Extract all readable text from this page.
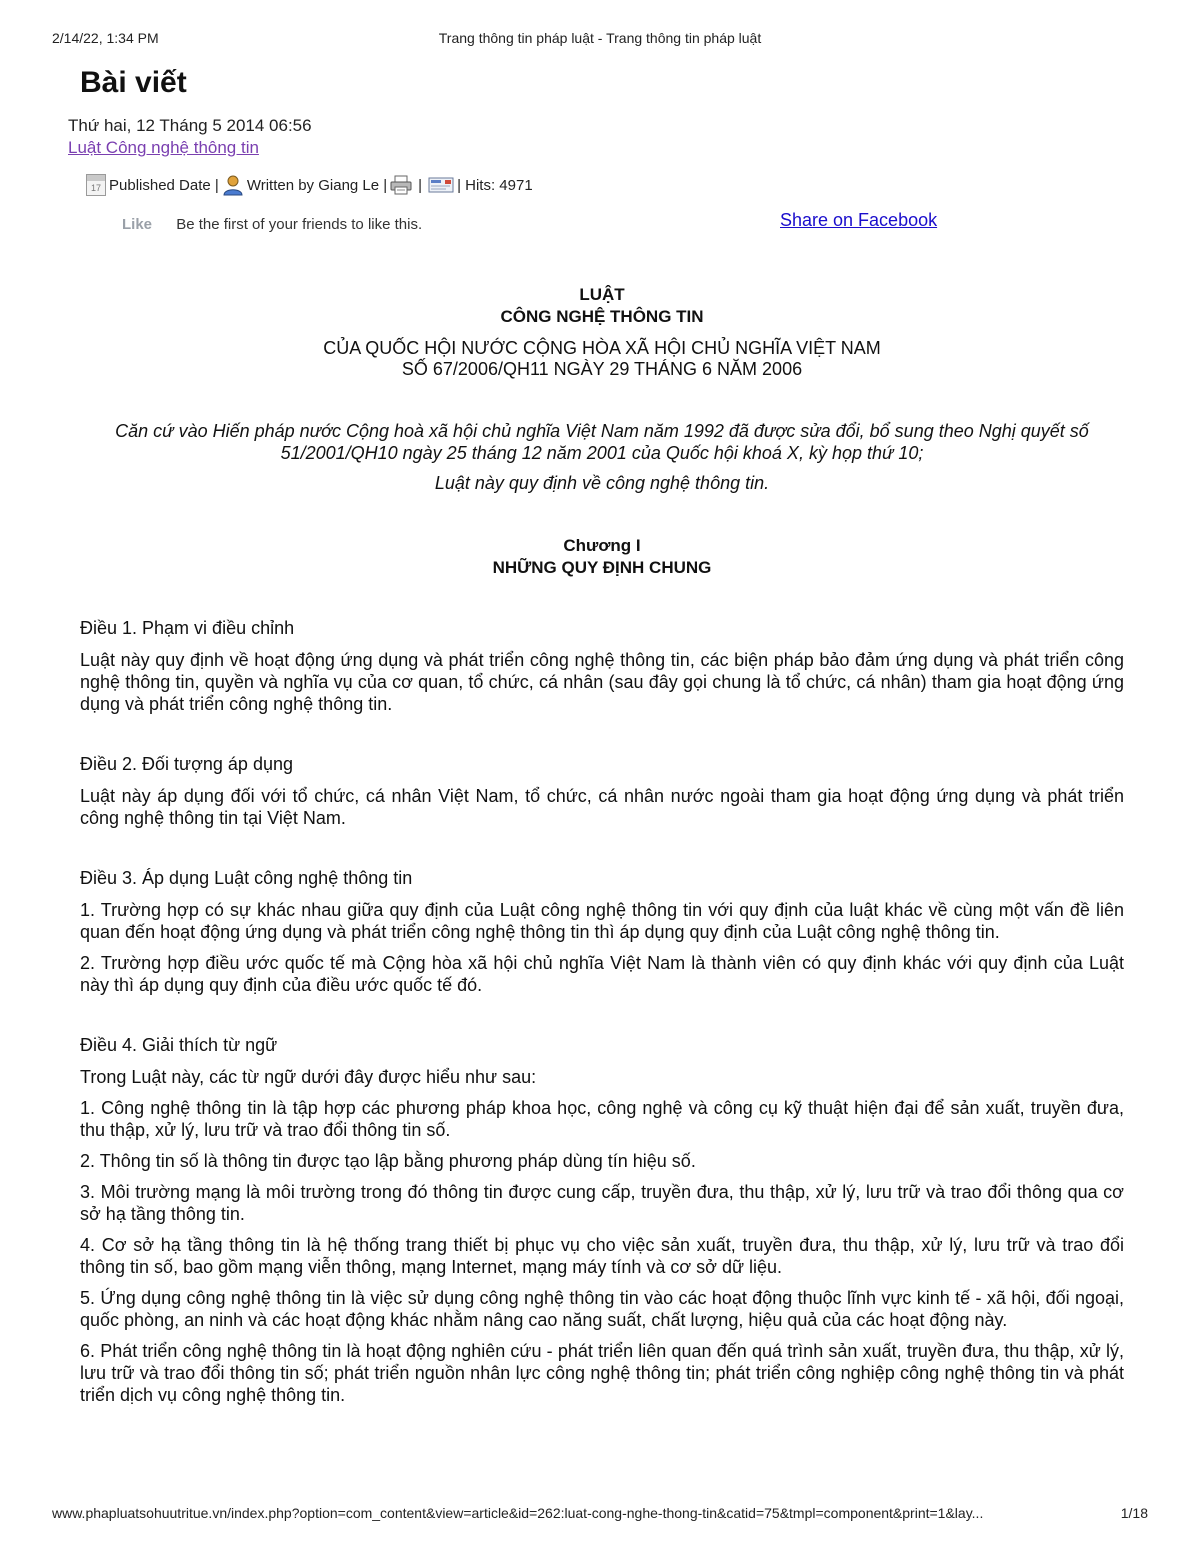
2/14/22, 1:34 PM	Trang thông tin pháp luật - Trang thông tin pháp luật
Bài viết
Thứ hai, 12 Tháng 5 2014 06:56
Luật Công nghệ thông tin
17 Published Date | Written by Giang Le | | | Hits: 4971
Like Be the first of your friends to like this.	Share on Facebook
LUẬT
CÔNG NGHỆ THÔNG TIN
CỦA QUỐC HỘI NƯỚC CỘNG HÒA XÃ HỘI CHỦ NGHĨA VIỆT NAM
SỐ 67/2006/QH11 NGÀY 29 THÁNG 6 NĂM 2006

Căn cứ vào Hiến pháp nước Cộng hoà xã hội chủ nghĩa Việt Nam năm 1992 đã được sửa đổi, bổ sung theo Nghị quyết số 51/2001/QH10 ngày 25 tháng 12 năm 2001 của Quốc hội khoá X, kỳ họp thứ 10;

Luật này quy định về công nghệ thông tin.

Chương I
NHỮNG QUY ĐỊNH CHUNG

Điều 1. Phạm vi điều chỉnh

Luật này quy định về hoạt động ứng dụng và phát triển công nghệ thông tin, các biện pháp bảo đảm ứng dụng và phát triển công nghệ thông tin, quyền và nghĩa vụ của cơ quan, tổ chức, cá nhân (sau đây gọi chung là tổ chức, cá nhân) tham gia hoạt động ứng dụng và phát triển công nghệ thông tin.

Điều 2. Đối tượng áp dụng

Luật này áp dụng đối với tổ chức, cá nhân Việt Nam, tổ chức, cá nhân nước ngoài tham gia hoạt động ứng dụng và phát triển công nghệ thông tin tại Việt Nam.

Điều 3. Áp dụng Luật công nghệ thông tin

1. Trường hợp có sự khác nhau giữa quy định của Luật công nghệ thông tin với quy định của luật khác về cùng một vấn đề liên quan đến hoạt động ứng dụng và phát triển công nghệ thông tin thì áp dụng quy định của Luật công nghệ thông tin.

2. Trường hợp điều ước quốc tế mà Cộng hòa xã hội chủ nghĩa Việt Nam là thành viên có quy định khác với quy định của Luật này thì áp dụng quy định của điều ước quốc tế đó.

Điều 4. Giải thích từ ngữ

Trong Luật này, các từ ngữ dưới đây được hiểu như sau:

1. Công nghệ thông tin là tập hợp các phương pháp khoa học, công nghệ và công cụ kỹ thuật hiện đại để sản xuất, truyền đưa, thu thập, xử lý, lưu trữ và trao đổi thông tin số.

2. Thông tin số là thông tin được tạo lập bằng phương pháp dùng tín hiệu số.

3. Môi trường mạng là môi trường trong đó thông tin được cung cấp, truyền đưa, thu thập, xử lý, lưu trữ và trao đổi thông qua cơ sở hạ tầng thông tin.

4. Cơ sở hạ tầng thông tin là hệ thống trang thiết bị phục vụ cho việc sản xuất, truyền đưa, thu thập, xử lý, lưu trữ và trao đổi thông tin số, bao gồm mạng viễn thông, mạng Internet, mạng máy tính và cơ sở dữ liệu.

5. Ứng dụng công nghệ thông tin là việc sử dụng công nghệ thông tin vào các hoạt động thuộc lĩnh vực kinh tế - xã hội, đối ngoại, quốc phòng, an ninh và các hoạt động khác nhằm nâng cao năng suất, chất lượng, hiệu quả của các hoạt động này.

6. Phát triển công nghệ thông tin là hoạt động nghiên cứu - phát triển liên quan đến quá trình sản xuất, truyền đưa, thu thập, xử lý, lưu trữ và trao đổi thông tin số; phát triển nguồn nhân lực công nghệ thông tin; phát triển công nghiệp công nghệ thông tin và phát triển dịch vụ công nghệ thông tin.

www.phapluatsohuutritue.vn/index.php?option=com_content&view=article&id=262:luat-cong-nghe-thong-tin&catid=75&tmpl=component&print=1&lay...	1/18
